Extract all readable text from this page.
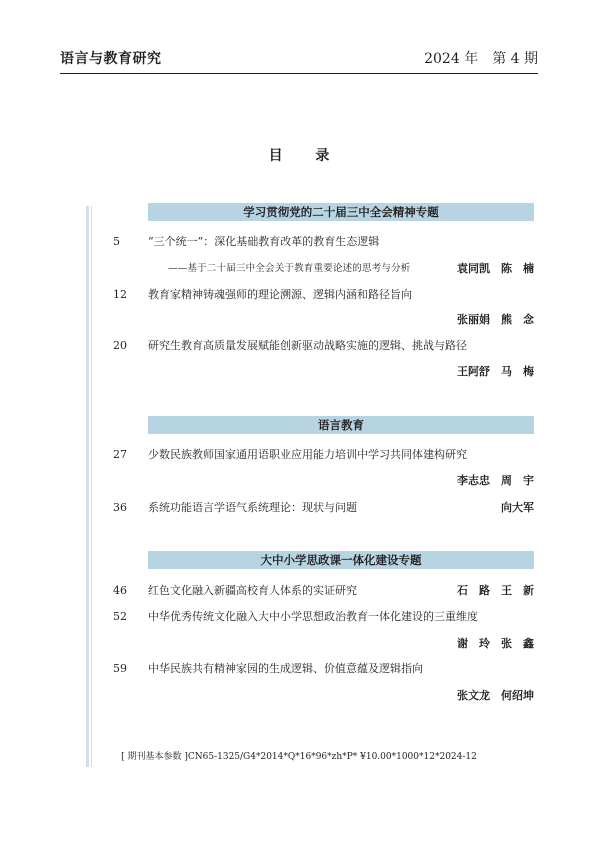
语言与教育研究	2024 年　第 4 期
目 录
学习贯彻党的二十届三中全会精神专题
5	“三个统一”：深化基础教育改革的教育生态逻辑
——基于二十届三中全会关于教育重要论述的思考与分析	袁同凯　陈　楠
12 教育家精神铸魂强师的理论溯源、逻辑内涵和路径旨向
张丽娟　熊　念
20 研究生教育高质量发展赋能创新驱动战略实施的逻辑、挑战与路径
王阿舒　马　梅
语言教育
27 少数民族教师国家通用语职业应用能力培训中学习共同体建构研究
李志忠　周　宇
36 系统功能语言学语气系统理论：现状与问题	向大军
大中小学思政课一体化建设专题
46 红色文化融入新疆高校育人体系的实证研究	石　路　王　新
52 中华优秀传统文化融入大中小学思想政治教育一体化建设的三重维度
谢　玲　张　鑫
59 中华民族共有精神家园的生成逻辑、价值意蕴及逻辑指向
张文龙　何绍坤
[ 期刊基本参数 ]CN65-1325/G4*2014*Q*16*96*zh*P* ¥10.00*1000*12*2024-12
